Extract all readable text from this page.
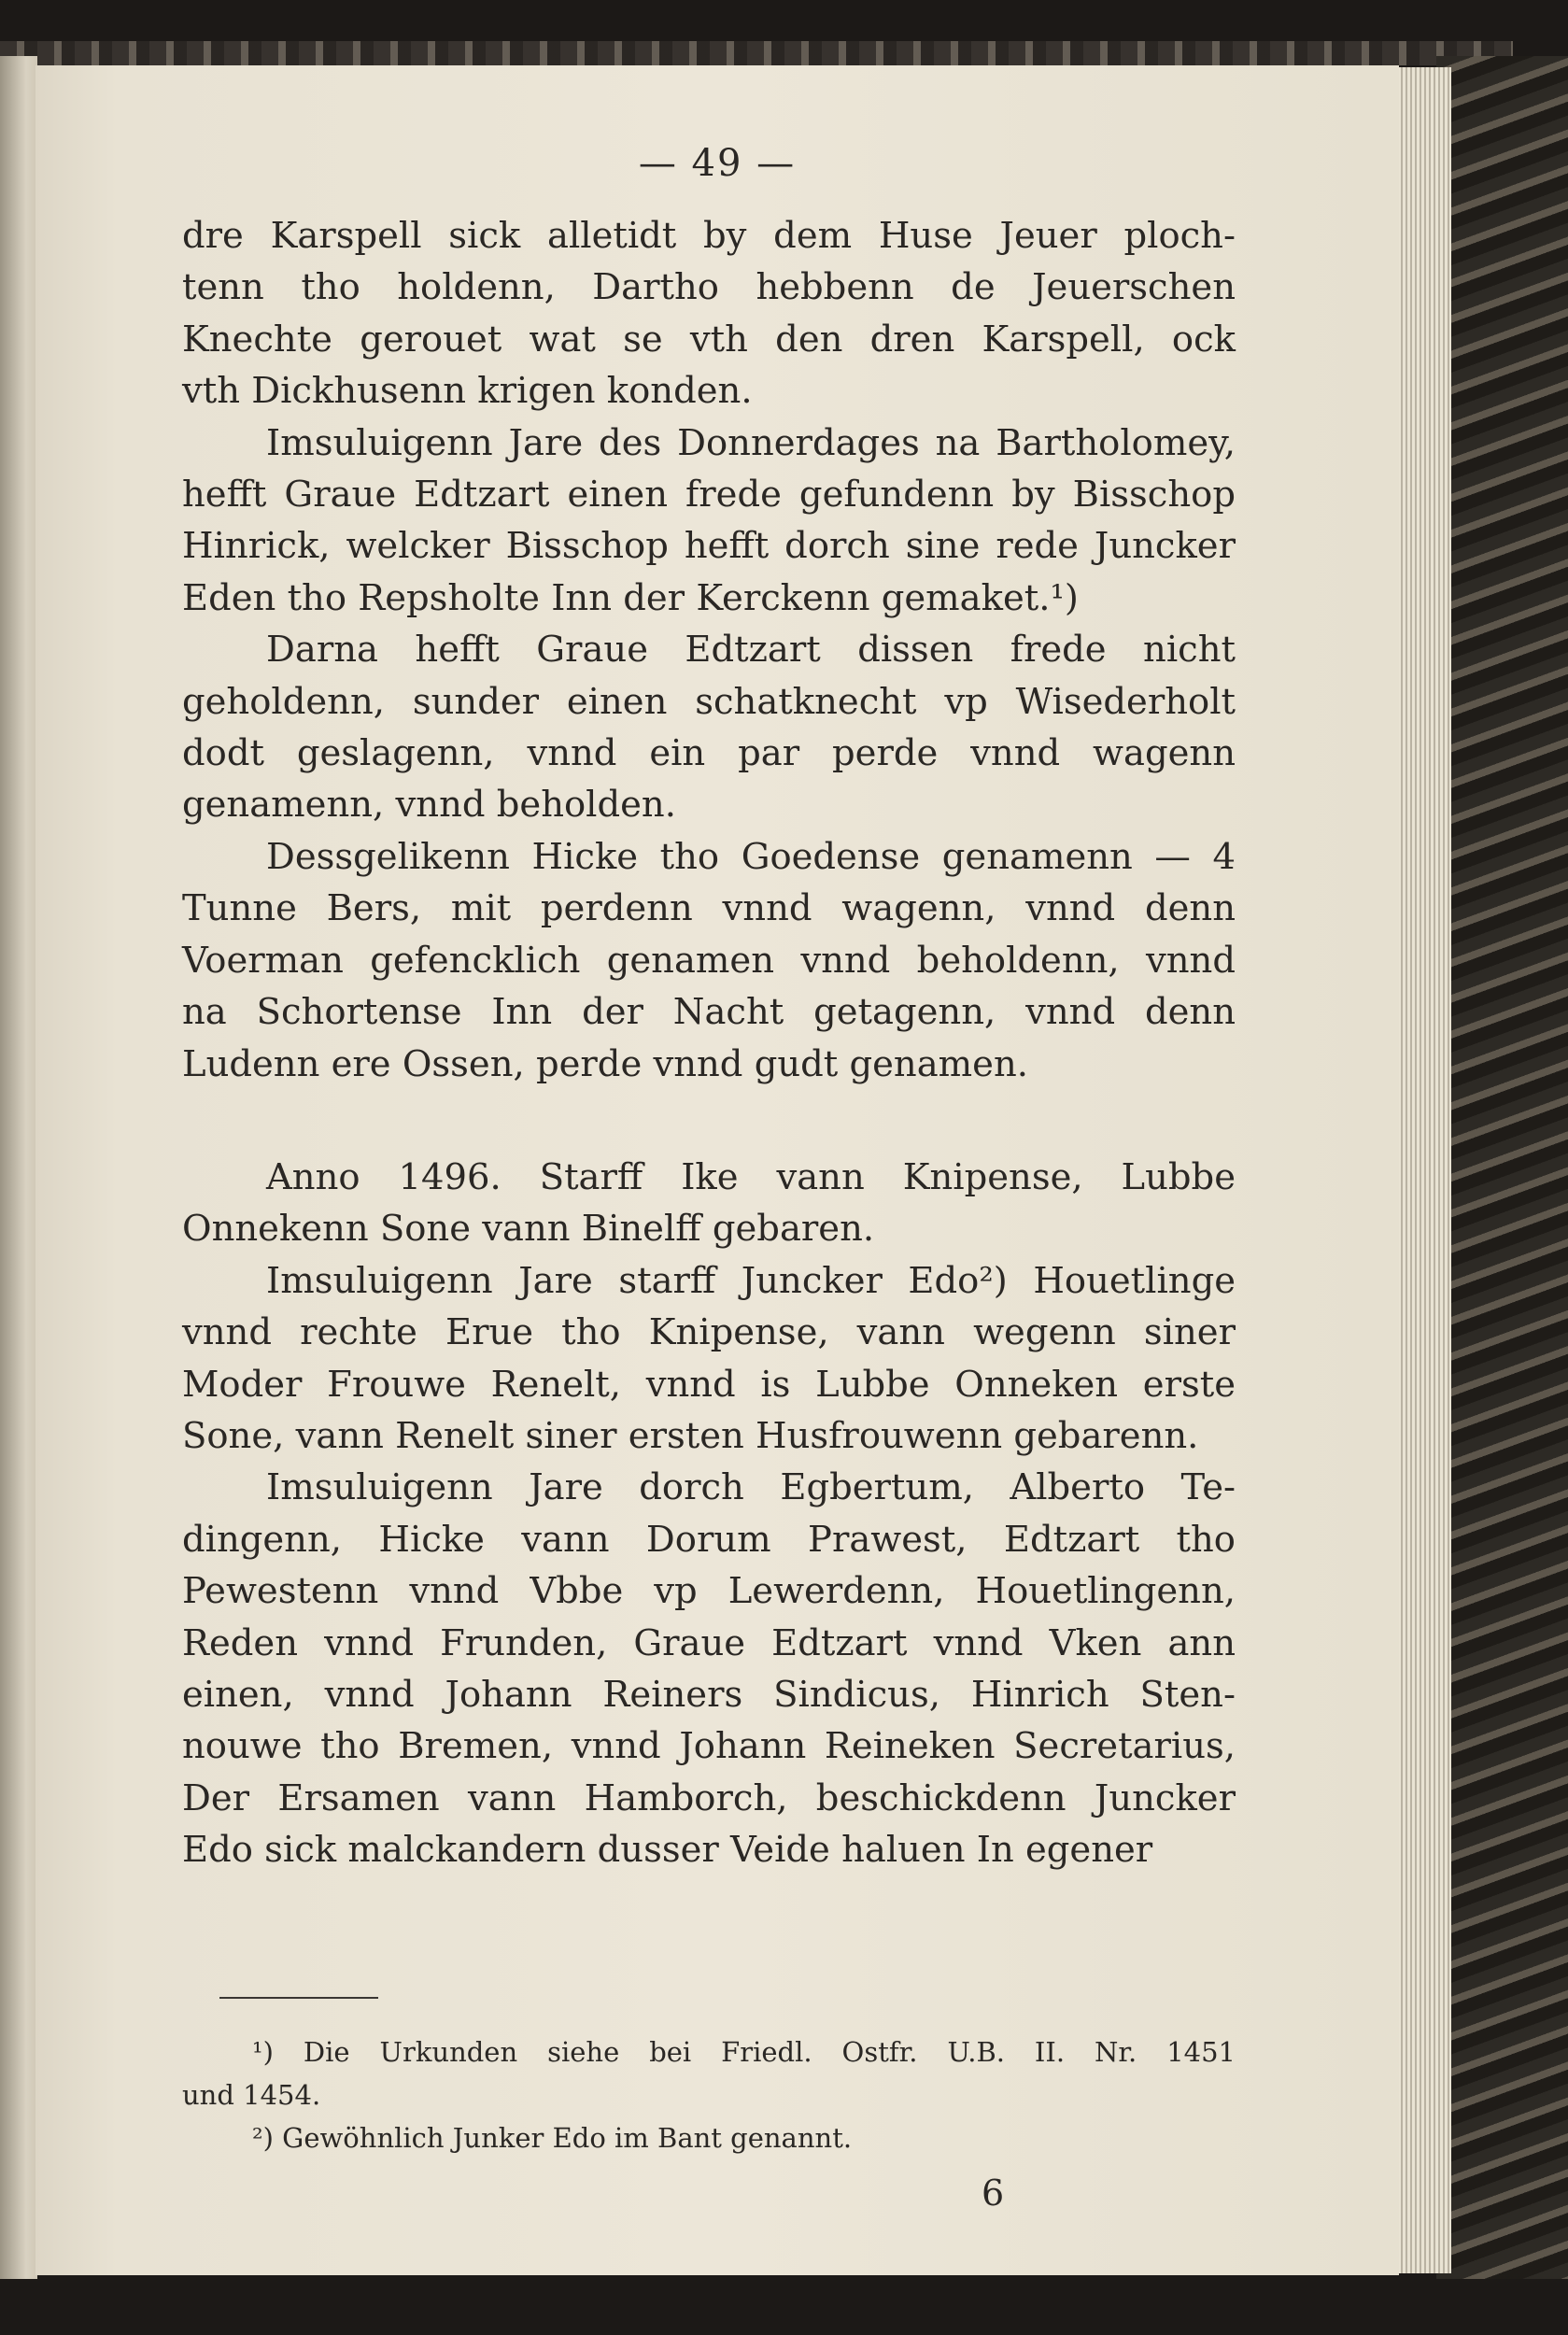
— 49 —
dre Karspell sick alletidt by dem Huse Jeuer ploch-
tenn tho holdenn, Dartho hebbenn de Jeuerschen
Knechte gerouet wat se vth den dren Karspell, ock
vth Dickhusenn krigen konden.
Imsuluigenn Jare des Donnerdages na Bartholomey,
hefft Graue Edtzart einen frede gefundenn by Bisschop
Hinrick, welcker Bisschop hefft dorch sine rede Juncker
Eden tho Repsholte Inn der Kerckenn gemaket.¹)
Darna hefft Graue Edtzart dissen frede nicht
geholdenn, sunder einen schatknecht vp Wisederholt
dodt geslagenn, vnnd ein par perde vnnd wagenn
genamenn, vnnd beholden.
Dessgelikenn Hicke tho Goedense genamenn — 4
Tunne Bers, mit perdenn vnnd wagenn, vnnd denn
Voerman gefencklich genamen vnnd beholdenn, vnnd
na Schortense Inn der Nacht getagenn, vnnd denn
Ludenn ere Ossen, perde vnnd gudt genamen.
Anno 1496. Starff Ike vann Knipense, Lubbe
Onnekenn Sone vann Binelff gebaren.
Imsuluigenn Jare starff Juncker Edo²) Houetlinge
vnnd rechte Erue tho Knipense, vann wegenn siner
Moder Frouwe Renelt, vnnd is Lubbe Onneken erste
Sone, vann Renelt siner ersten Husfrouwenn gebarenn.
Imsuluigenn Jare dorch Egbertum, Alberto Te-
dingenn, Hicke vann Dorum Prawest, Edtzart tho
Pewestenn vnnd Vbbe vp Lewerdenn, Houetlingenn,
Reden vnnd Frunden, Graue Edtzart vnnd Vken ann
einen, vnnd Johann Reiners Sindicus, Hinrich Sten-
nouwe tho Bremen, vnnd Johann Reineken Secretarius,
Der Ersamen vann Hamborch, beschickdenn Juncker
Edo sick malckandern dusser Veide haluen In egener
¹) Die Urkunden siehe bei Friedl. Ostfr. U.B. II. Nr. 1451
und 1454.
²) Gewöhnlich Junker Edo im Bant genannt.
6
